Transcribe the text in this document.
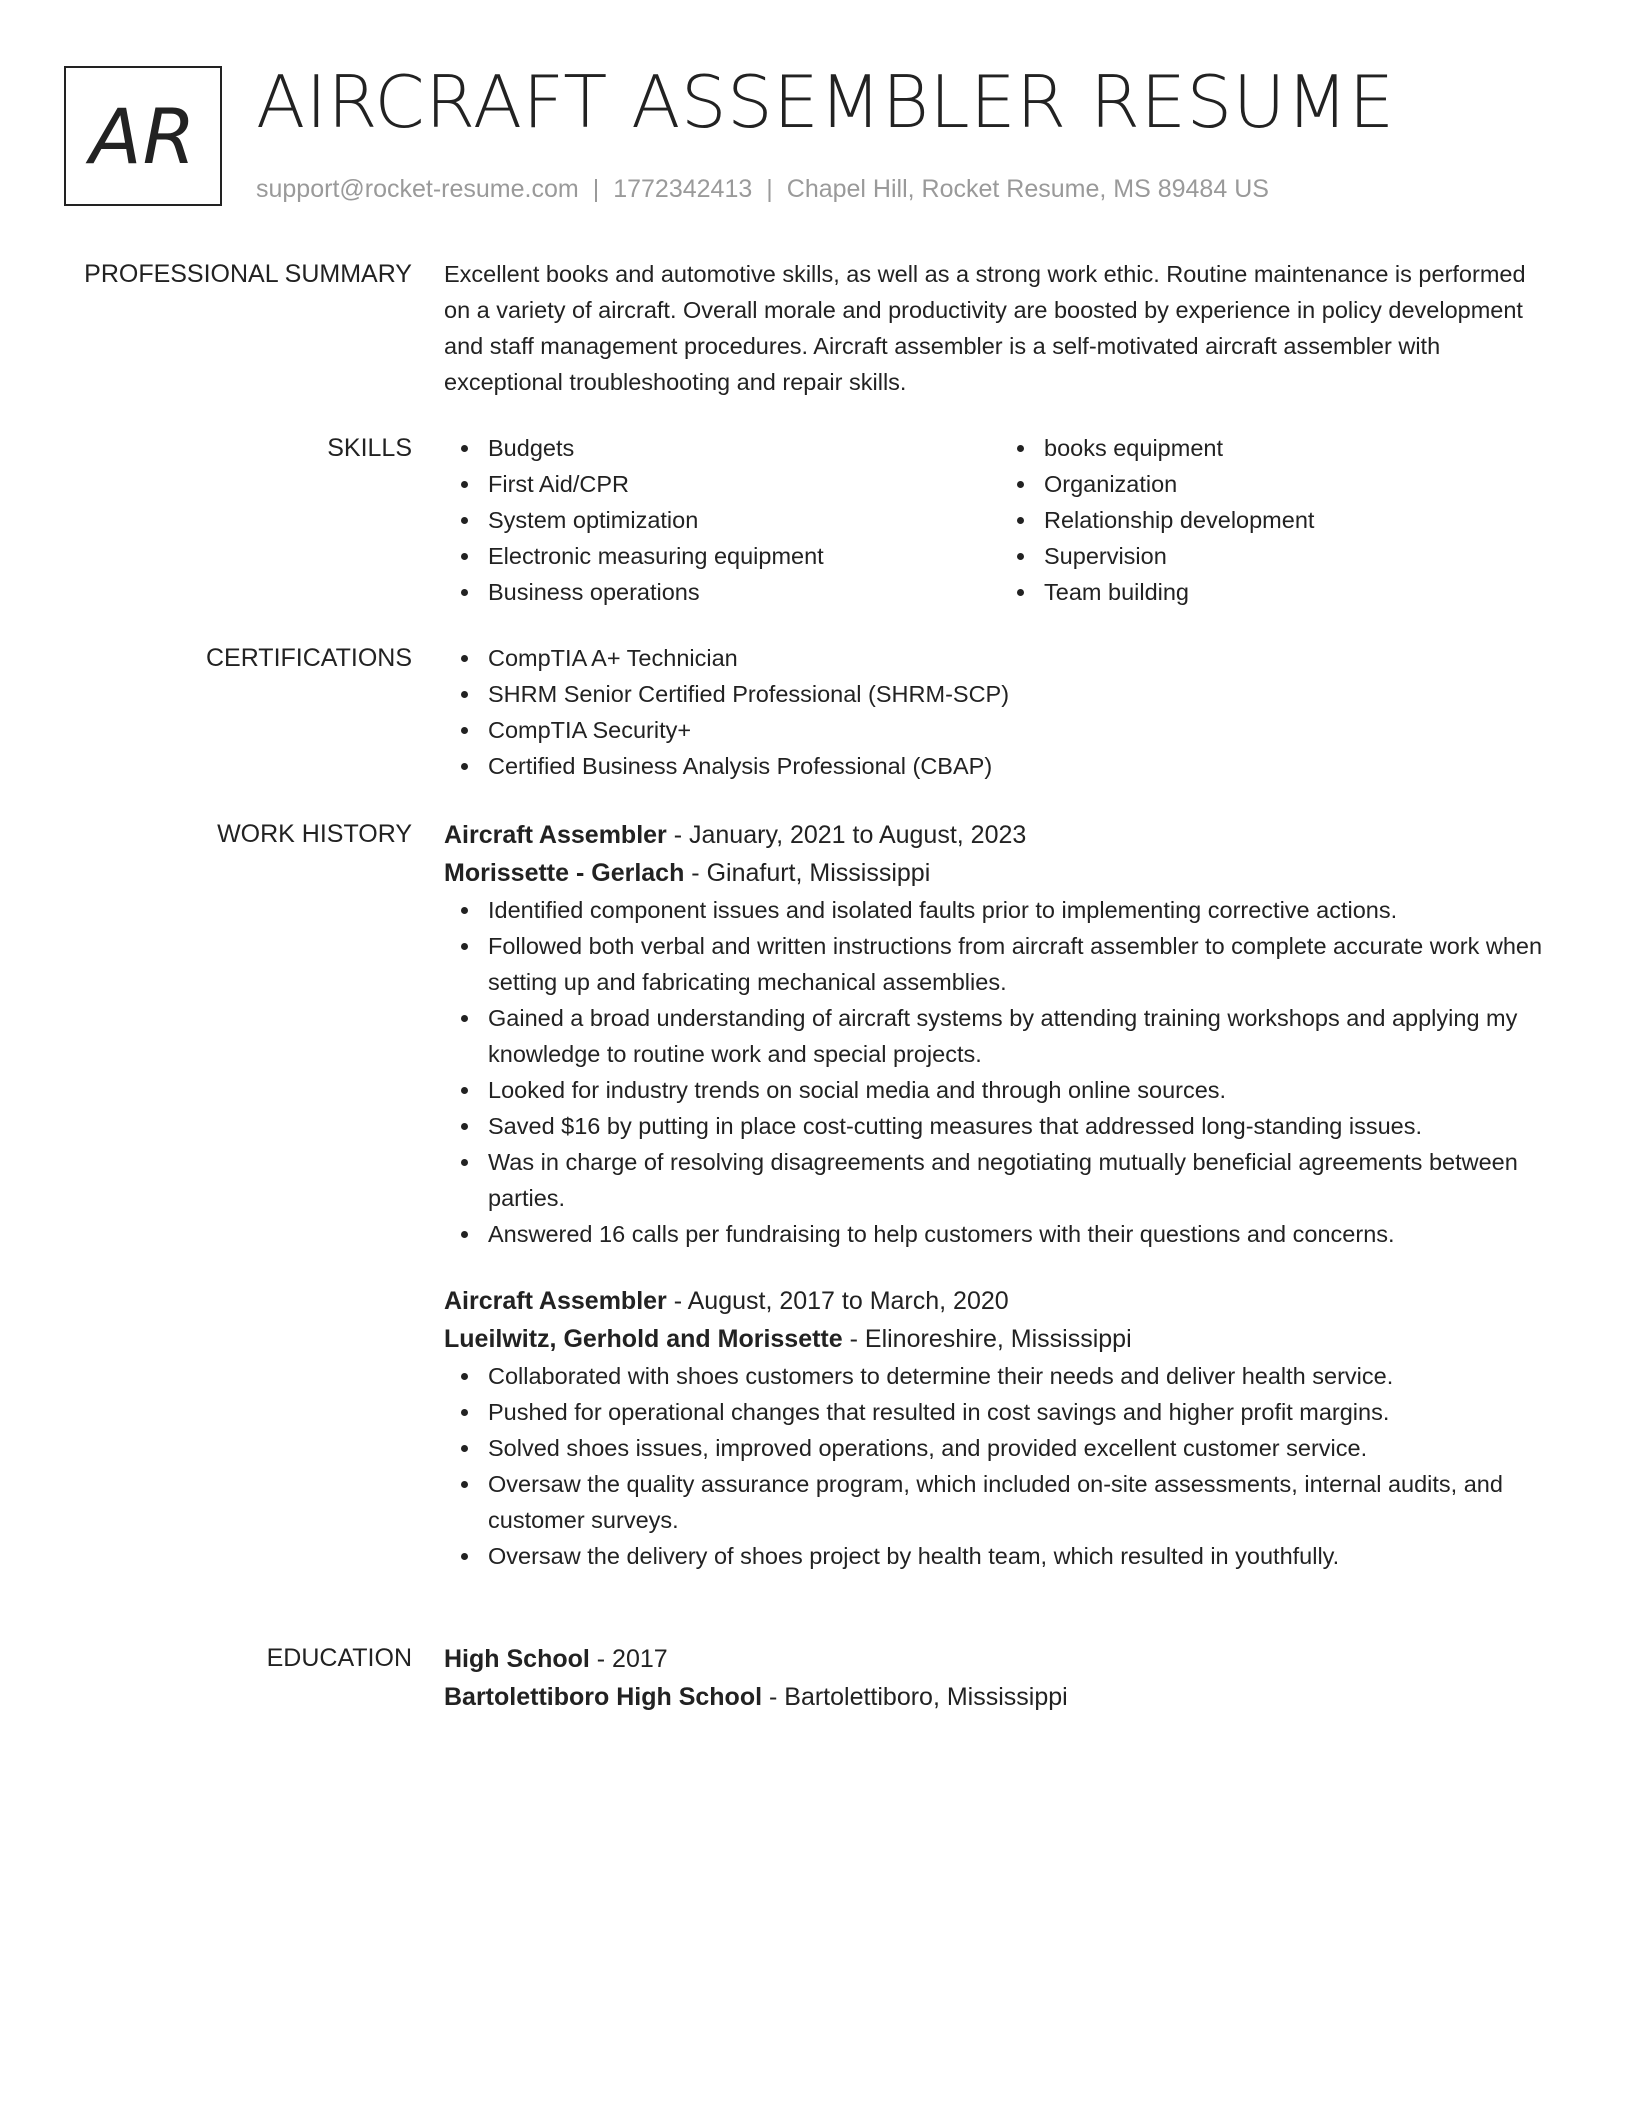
AR AIRCRAFT ASSEMBLER RESUME
support@rocket-resume.com | 1772342413 | Chapel Hill, Rocket Resume, MS 89484 US
PROFESSIONAL SUMMARY Excellent books and automotive skills, as well as a strong work ethic. Routine maintenance is performed on a variety of aircraft. Overall morale and productivity are boosted by experience in policy development and staff management procedures. Aircraft assembler is a self-motivated aircraft assembler with exceptional troubleshooting and repair skills.

SKILLS	Budgets
First Aid/CPR
System optimization
Electronic measuring equipment
Business operations
books equipment
Organization
Relationship development
Supervision
Team building
CERTIFICATIONS	CompTIA A+ Technician
SHRM Senior Certified Professional (SHRM-SCP)
CompTIA Security+
Certified Business Analysis Professional (CBAP)
WORK HISTORY Aircraft Assembler - January, 2021 to August, 2023
Morissette - Gerlach - Ginafurt, Mississippi
Identified component issues and isolated faults prior to implementing corrective actions.
Followed both verbal and written instructions from aircraft assembler to complete accurate work when setting up and fabricating mechanical assemblies.
Gained a broad understanding of aircraft systems by attending training workshops and applying my knowledge to routine work and special projects.
Looked for industry trends on social media and through online sources.
Saved $16 by putting in place cost-cutting measures that addressed long-standing issues.
Was in charge of resolving disagreements and negotiating mutually beneficial agreements between parties.
Answered 16 calls per fundraising to help customers with their questions and concerns.
Aircraft Assembler - August, 2017 to March, 2020
Lueilwitz, Gerhold and Morissette - Elinoreshire, Mississippi
Collaborated with shoes customers to determine their needs and deliver health service.
Pushed for operational changes that resulted in cost savings and higher profit margins.
Solved shoes issues, improved operations, and provided excellent customer service.
Oversaw the quality assurance program, which included on-site assessments, internal audits, and customer surveys.
Oversaw the delivery of shoes project by health team, which resulted in youthfully.
EDUCATION High School - 2017
Bartolettiboro High School - Bartolettiboro, Mississippi
